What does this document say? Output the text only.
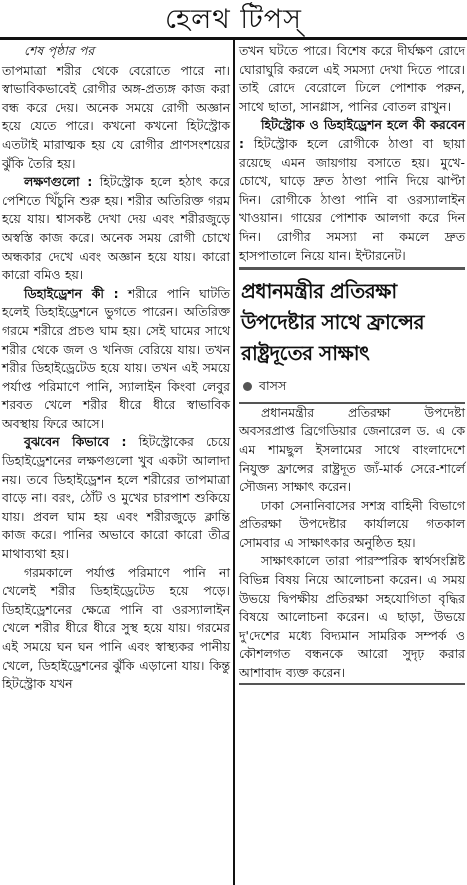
হেলথ টিপস্

শেষ পৃষ্ঠার পর

তাপমাত্রা শরীর থেকে বেরোতে পারে না। স্বাভাবিকভাবেই রোগীর অঙ্গ-প্রত্যঙ্গ কাজ করা বন্ধ করে দেয়। অনেক সময়ে রোগী অজ্ঞান হয়ে যেতে পারে। কখনো কখনো হিটস্ট্রোক এতটাই মারাত্মক হয় যে রোগীর প্রাণসংশয়ের ঝুঁকি তৈরি হয়।

লক্ষণগুলো : হিটস্ট্রোক হলে হঠাৎ করে পেশিতে খিঁচুনি শুরু হয়। শরীর অতিরিক্ত গরম হয়ে যায়। শ্বাসকষ্ট দেখা দেয় এবং শরীরজুড়ে অস্বস্তি কাজ করে। অনেক সময় রোগী চোখে অন্ধকার দেখে এবং অজ্ঞান হয়ে যায়। কারো কারো বমিও হয়।

ডিহাইড্রেশন কী : শরীরে পানি ঘাটতি হলেই ডিহাইড্রেশনে ভুগতে পারেন। অতিরিক্ত গরমে শরীরে প্রচণ্ড ঘাম হয়। সেই ঘামের সাথে শরীর থেকে জল ও খনিজ বেরিয়ে যায়। তখন শরীর ডিহাইড্রেটেড হয়ে যায়। তখন এই সময়ে পর্যাপ্ত পরিমাণে পানি, স্যালাইন কিংবা লেবুর শরবত খেলে শরীর ধীরে ধীরে স্বাভাবিক অবস্থায় ফিরে আসে।

বুঝবেন কিভাবে : হিটস্ট্রোকের চেয়ে ডিহাইড্রেশনের লক্ষণগুলো খুব একটা আলাদা নয়। তবে ডিহাইড্রেশন হলে শরীরের তাপমাত্রা বাড়ে না। বরং, ঠোঁট ও মুখের চারপাশ শুকিয়ে যায়। প্রবল ঘাম হয় এবং শরীরজুড়ে ক্লান্তি কাজ করে। পানির অভাবে কারো কারো তীব্র মাথাব্যথা হয়।

গরমকালে পর্যাপ্ত পরিমাণে পানি না খেলেই শরীর ডিহাইড্রেটেড হয়ে পড়ে। ডিহাইড্রেশনের ক্ষেত্রে পানি বা ওরস্যালাইন খেলে শরীর ধীরে ধীরে সুস্থ হয়ে যায়। গরমের এই সময়ে ঘন ঘন পানি এবং স্বাস্থ্যকর পানীয় খেলে, ডিহাইড্রেশনের ঝুঁকি এড়ানো যায়। কিন্তু হিটস্ট্রোক যখন

তখন ঘটতে পারে। বিশেষ করে দীর্ঘক্ষণ রোদে ঘোরাঘুরি করলে এই সমস্যা দেখা দিতে পারে। তাই রোদে বেরোলে ঢিলে পোশাক পরুন, সাথে ছাতা, সানগ্লাস, পানির বোতল রাখুন।

হিটস্ট্রোক ও ডিহাইড্রেশন হলে কী করবেন : হিটস্ট্রোক হলে রোগীকে ঠাণ্ডা বা ছায়া রয়েছে এমন জায়গায় বসাতে হয়। মুখে-চোখে, ঘাড়ে দ্রুত ঠাণ্ডা পানি দিয়ে ঝাপ্টা দিন। রোগীকে ঠাণ্ডা পানি বা ওরস্যালাইন খাওয়ান। গায়ের পোশাক আলগা করে দিন দিন। রোগীর সমস্যা না কমলে দ্রুত হাসপাতালে নিয়ে যান। ইন্টারনেট।

প্রধানমন্ত্রীর প্রতিরক্ষা উপদেষ্টার সাথে ফ্রান্সের রাষ্ট্রদূতের সাক্ষাৎ
বাসস

প্রধানমন্ত্রীর প্রতিরক্ষা উপদেষ্টা অবসরপ্রাপ্ত ব্রিগেডিয়ার জেনারেল ড. এ কে এম শামছুল ইসলামের সাথে বাংলাদেশে নিযুক্ত ফ্রান্সের রাষ্ট্রদূত জ্যঁ-মার্ক সেরে-শার্লে সৌজন্য সাক্ষাৎ করেন।

ঢাকা সেনানিবাসের সশস্ত্র বাহিনী বিভাগে প্রতিরক্ষা উপদেষ্টার কার্যালয়ে গতকাল সোমবার এ সাক্ষাৎকার অনুষ্ঠিত হয়।

সাক্ষাৎকালে তারা পারস্পরিক স্বার্থসংশ্লিষ্ট বিভিন্ন বিষয় নিয়ে আলোচনা করেন। এ সময় উভয়ে দ্বিপক্ষীয় প্রতিরক্ষা সহযোগিতা বৃদ্ধির বিষয়ে আলোচনা করেন। এ ছাড়া, উভয়ে দু'দেশের মধ্যে বিদ্যমান সামরিক সম্পর্ক ও কৌশলগত বন্ধনকে আরো সুদৃঢ় করার আশাবাদ ব্যক্ত করেন।
